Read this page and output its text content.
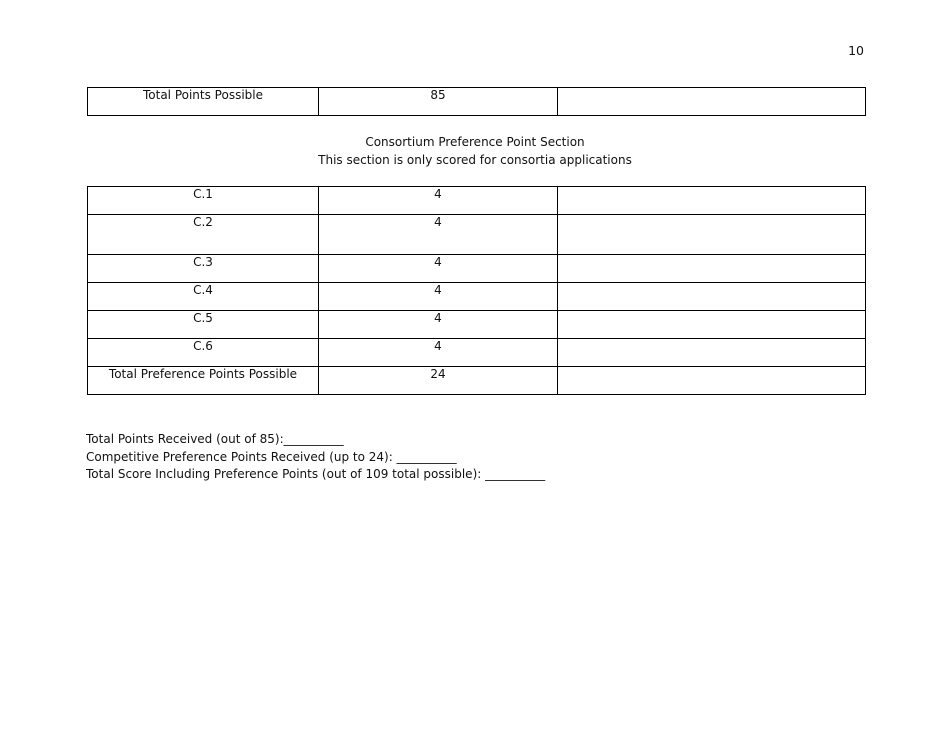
10
Total Points Possible	85	
Consortium Preference Point Section
This section is only scored for consortia applications
C.1	4	
C.2	4	
C.3	4	
C.4	4	
C.5	4	
C.6	4	
Total Preference Points Possible	24	
Total Points Received (out of 85):__________
Competitive Preference Points Received (up to 24): __________
Total Score Including Preference Points (out of 109 total possible): __________
